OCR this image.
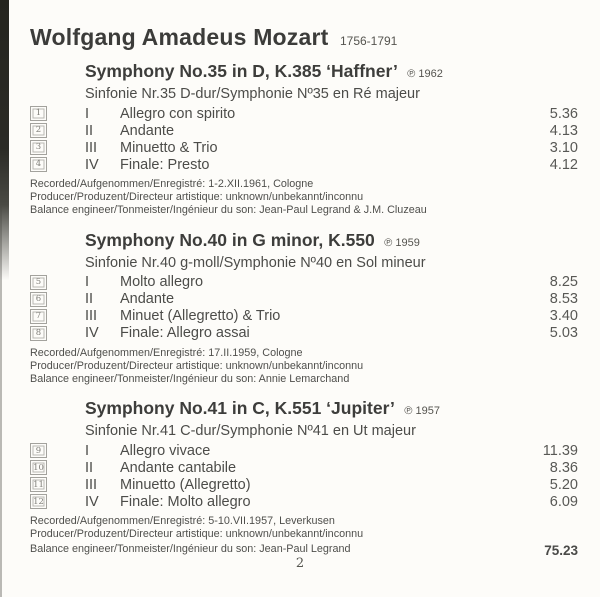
Wolfgang Amadeus Mozart 1756-1791
Symphony No.35 in D, K.385 ‘Haffner’ ℗ 1962
Sinfonie Nr.35 D-dur/Symphonie Nº35 en Ré majeur
1	I	Allegro con spirito	5.36
2	II	Andante	4.13
3	III	Minuetto & Trio	3.10
4	IV	Finale: Presto	4.12
Recorded/Aufgenommen/Enregistré: 1-2.XII.1961, Cologne
Producer/Produzent/Directeur artistique: unknown/unbekannt/inconnu
Balance engineer/Tonmeister/Ingénieur du son: Jean-Paul Legrand & J.M. Cluzeau
Symphony No.40 in G minor, K.550 ℗ 1959
Sinfonie Nr.40 g-moll/Symphonie Nº40 en Sol mineur
5	I	Molto allegro	8.25
6	II	Andante	8.53
7	III	Minuet (Allegretto) & Trio	3.40
8	IV	Finale: Allegro assai	5.03
Recorded/Aufgenommen/Enregistré: 17.II.1959, Cologne
Producer/Produzent/Directeur artistique: unknown/unbekannt/inconnu
Balance engineer/Tonmeister/Ingénieur du son: Annie Lemarchand
Symphony No.41 in C, K.551 ‘Jupiter’ ℗ 1957
Sinfonie Nr.41 C-dur/Symphonie Nº41 en Ut majeur
9	I	Allegro vivace	11.39
10	II	Andante cantabile	8.36
11	III	Minuetto (Allegretto)	5.20
12	IV	Finale: Molto allegro	6.09
Recorded/Aufgenommen/Enregistré: 5-10.VII.1957, Leverkusen
Producer/Produzent/Directeur artistique: unknown/unbekannt/inconnu
Balance engineer/Tonmeister/Ingénieur du son: Jean-Paul Legrand	75.23
2
